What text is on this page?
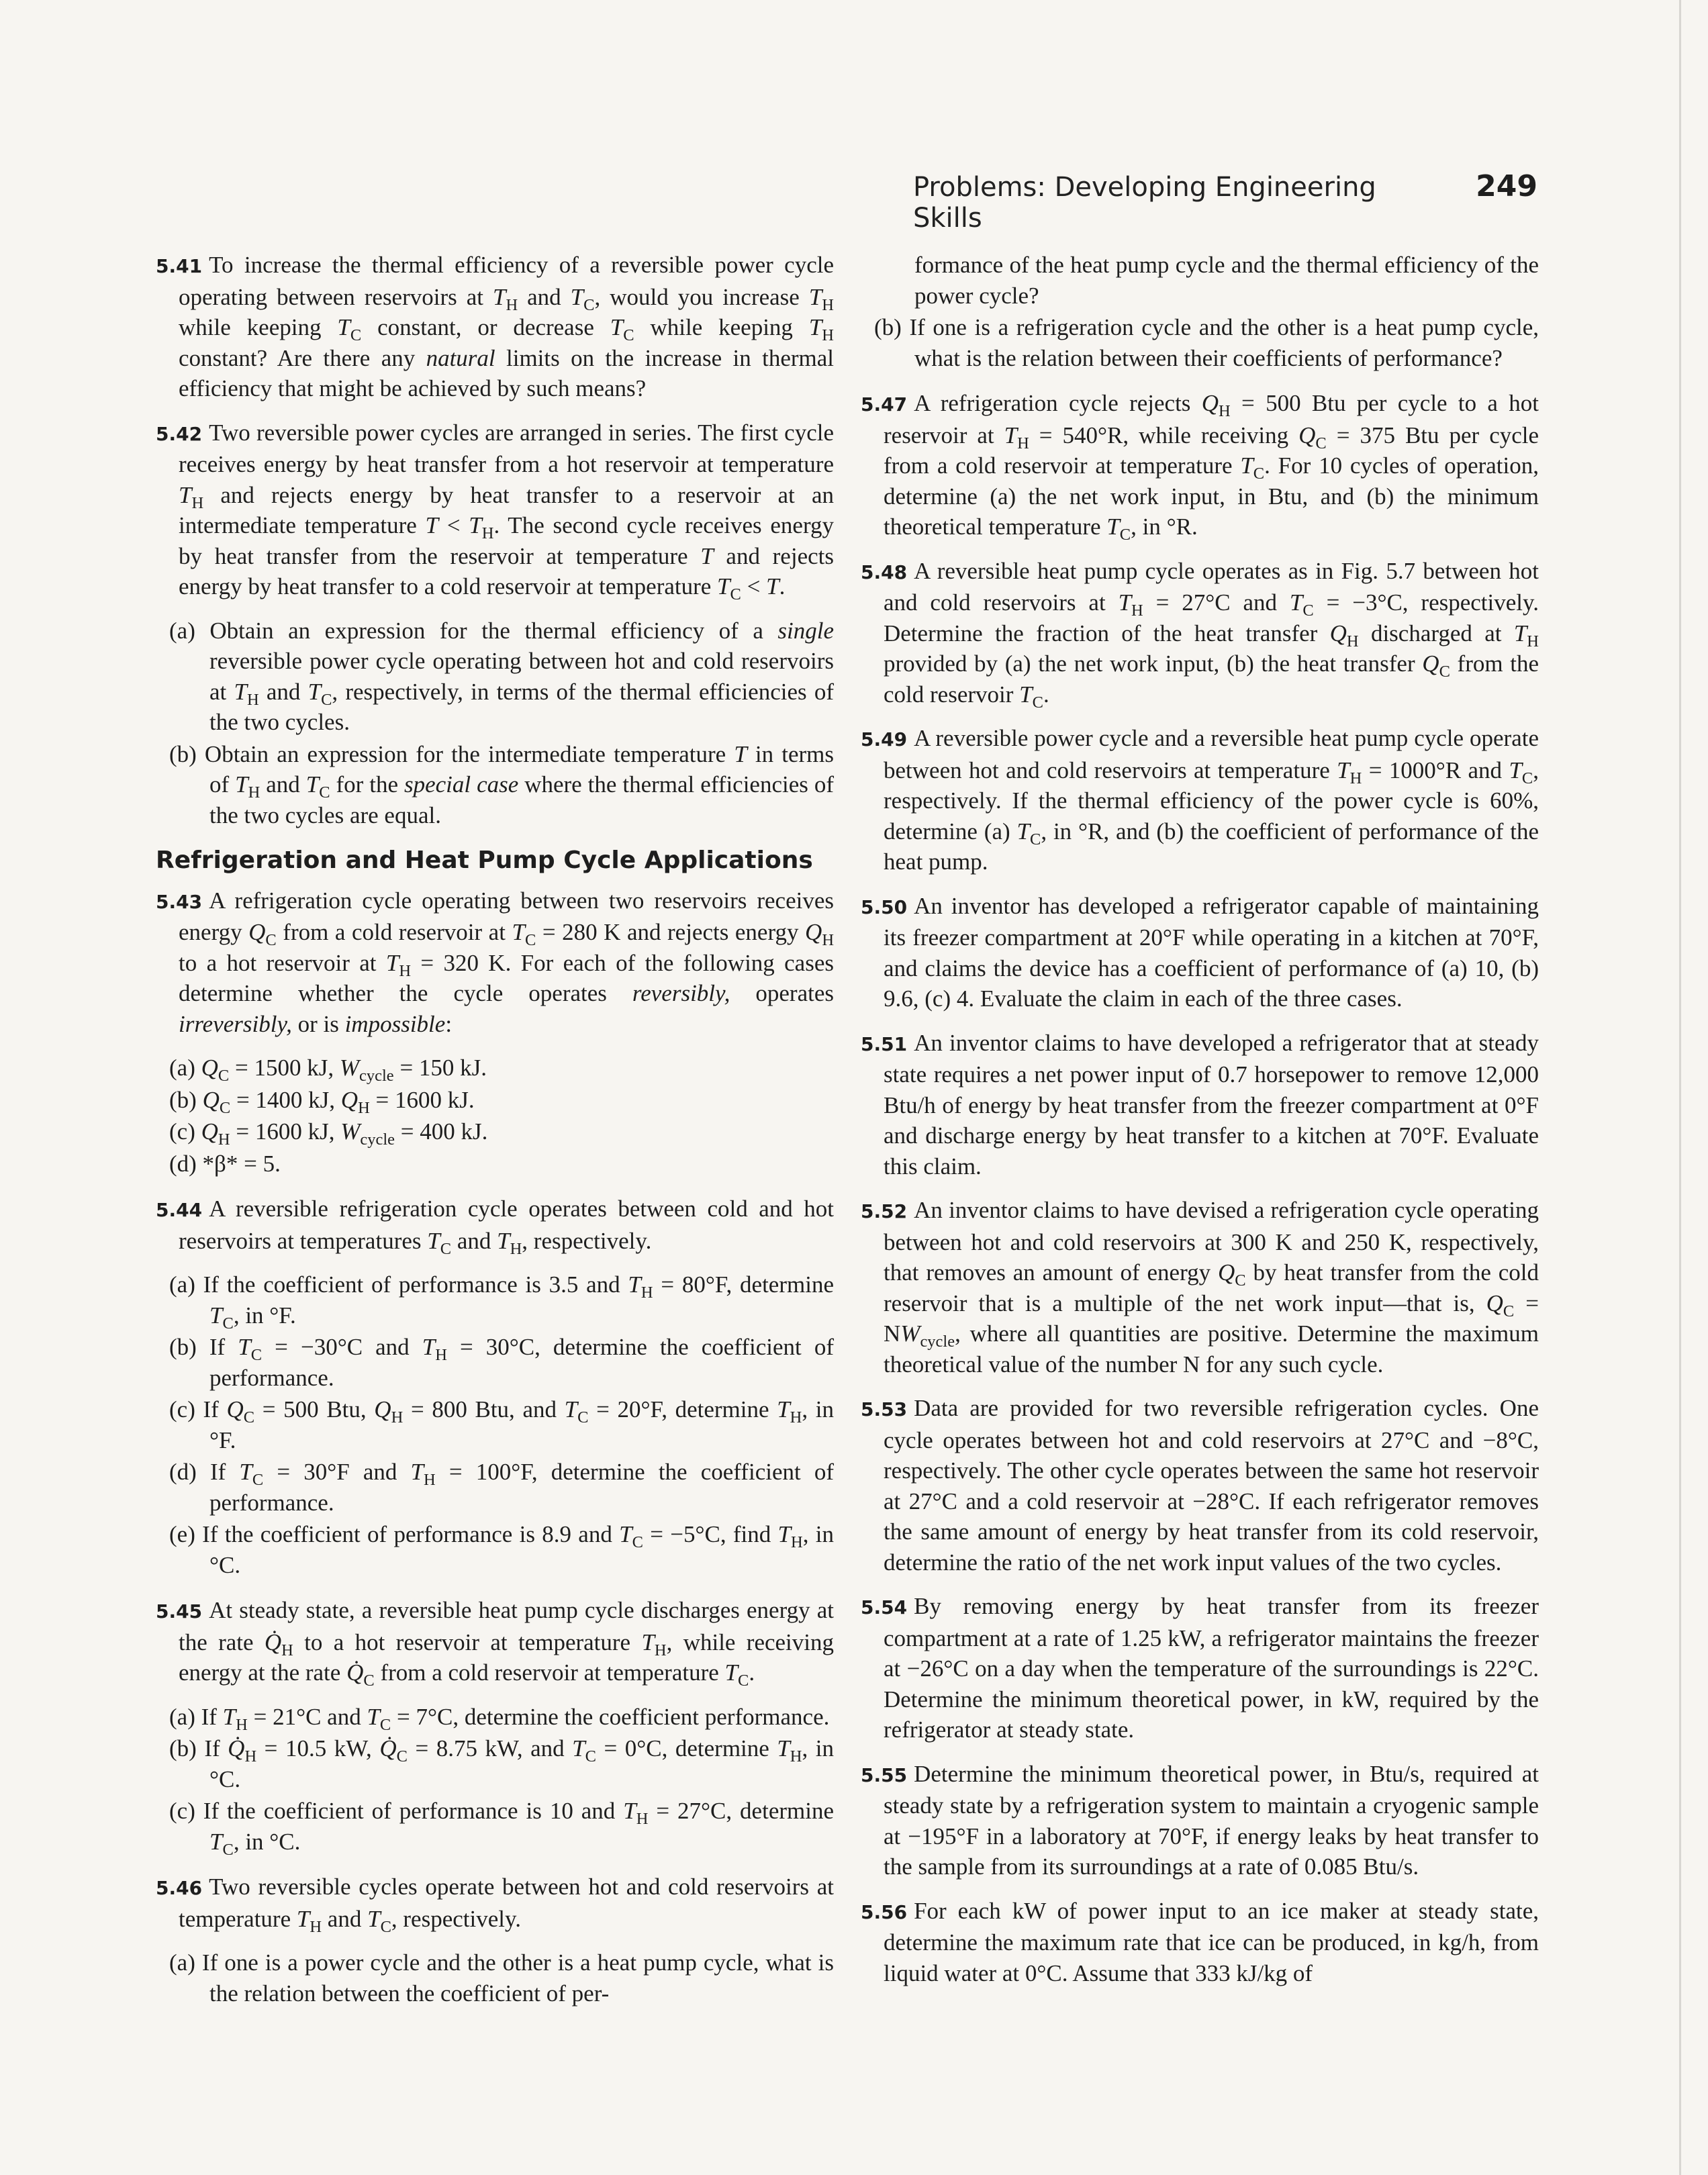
Problems: Developing Engineering Skills
249

5.41 To increase the thermal efficiency of a reversible power cycle operating between reservoirs at $T_H$ and $T_C$, would you increase $T_H$ while keeping $T_C$ constant, or decrease $T_C$ while keeping $T_H$ constant? Are there any natural limits on the increase in thermal efficiency that might be achieved by such means?

5.42 Two reversible power cycles are arranged in series. The first cycle receives energy by heat transfer from a hot reservoir at temperature $T_H$ and rejects energy by heat transfer to a reservoir at an intermediate temperature $T < T_H$. The second cycle receives energy by heat transfer from the reservoir at temperature T and rejects energy by heat transfer to a cold reservoir at temperature $T_C < T$.

(a) Obtain an expression for the thermal efficiency of a single reversible power cycle operating between hot and cold reservoirs at $T_H$ and $T_C$, respectively, in terms of the thermal efficiencies of the two cycles.

(b) Obtain an expression for the intermediate temperature T in terms of $T_H$ and $T_C$ for the special case where the thermal efficiencies of the two cycles are equal.

Refrigeration and Heat Pump Cycle Applications

5.43 A refrigeration cycle operating between two reservoirs receives energy $Q_C$ from a cold reservoir at $T_C = 280$ K and rejects energy $Q_H$ to a hot reservoir at $T_H = 320$ K. For each of the following cases determine whether the cycle operates reversibly, operates irreversibly, or is impossible:

(a) $Q_C = 1500$ kJ, $W_{cycle} = 150$ kJ.

(b) $Q_C = 1400$ kJ, $Q_H = 1600$ kJ.

(c) $Q_H = 1600$ kJ, $W_{cycle} = 400$ kJ.

(d) *β* = 5.

5.44 A reversible refrigeration cycle operates between cold and hot reservoirs at temperatures $T_C$ and $T_H$, respectively.

(a) If the coefficient of performance is 3.5 and $T_H = 80^\circ F$, determine $T_C$, in °F.

(b) If $T_C = -30^\circ C$ and $T_H = 30^\circ C$, determine the coefficient of performance.

(c) If $Q_C = 500$ Btu, $Q_H = 800$ Btu, and $T_C = 20^\circ F$, determine $T_H$, in °F.

(d) If $T_C = 30^\circ F$ and $T_H = 100^\circ F$, determine the coefficient of performance.

(e) If the coefficient of performance is 8.9 and $T_C = -5^\circ C$, find $T_H$, in °C.

5.45 At steady state, a reversible heat pump cycle discharges energy at the rate $Q̇_H$ to a hot reservoir at temperature $T_H$, while receiving energy at the rate $Q̇_C$ from a cold reservoir at temperature $T_C$.

(a) If $T_H = 21^\circ C$ and $T_C = 7^\circ C$, determine the coefficient performance.

(b) If $Q̇_H = 10.5$ kW, $Q̇_C = 8.75$ kW, and $T_C = 0^\circ C$, determine $T_H$, in °C.

(c) If the coefficient of performance is 10 and $T_H = 27^\circ C$, determine $T_C$, in °C.

5.46 Two reversible cycles operate between hot and cold reservoirs at temperature $T_H$ and $T_C$, respectively.

(a) If one is a power cycle and the other is a heat pump cycle, what is the relation between the coefficient of per-

formance of the heat pump cycle and the thermal efficiency of the power cycle?

(b) If one is a refrigeration cycle and the other is a heat pump cycle, what is the relation between their coefficients of performance?

5.47 A refrigeration cycle rejects $Q_H = 500$ Btu per cycle to a hot reservoir at $T_H = 540^\circ R$, while receiving $Q_C = 375$ Btu per cycle from a cold reservoir at temperature $T_C$. For 10 cycles of operation, determine (a) the net work input, in Btu, and (b) the minimum theoretical temperature $T_C$, in °R.

5.48 A reversible heat pump cycle operates as in Fig. 5.7 between hot and cold reservoirs at $T_H = 27^\circ C$ and $T_C = -3^\circ C$, respectively. Determine the fraction of the heat transfer $Q_H$ discharged at $T_H$ provided by (a) the net work input, (b) the heat transfer $Q_C$ from the cold reservoir $T_C$.

5.49 A reversible power cycle and a reversible heat pump cycle operate between hot and cold reservoirs at temperature $T_H = 1000^\circ R$ and $T_C$, respectively. If the thermal efficiency of the power cycle is 60%, determine (a) $T_C$, in °R, and (b) the coefficient of performance of the heat pump.

5.50 An inventor has developed a refrigerator capable of maintaining its freezer compartment at 20°F while operating in a kitchen at 70°F, and claims the device has a coefficient of performance of (a) 10, (b) 9.6, (c) 4. Evaluate the claim in each of the three cases.

5.51 An inventor claims to have developed a refrigerator that at steady state requires a net power input of 0.7 horsepower to remove 12,000 Btu/h of energy by heat transfer from the freezer compartment at 0°F and discharge energy by heat transfer to a kitchen at 70°F. Evaluate this claim.

5.52 An inventor claims to have devised a refrigeration cycle operating between hot and cold reservoirs at 300 K and 250 K, respectively, that removes an amount of energy $Q_C$ by heat transfer from the cold reservoir that is a multiple of the net work input—that is, $Q_C = NW_{cycle}$, where all quantities are positive. Determine the maximum theoretical value of the number N for any such cycle.

5.53 Data are provided for two reversible refrigeration cycles. One cycle operates between hot and cold reservoirs at 27°C and −8°C, respectively. The other cycle operates between the same hot reservoir at 27°C and a cold reservoir at −28°C. If each refrigerator removes the same amount of energy by heat transfer from its cold reservoir, determine the ratio of the net work input values of the two cycles.

5.54 By removing energy by heat transfer from its freezer compartment at a rate of 1.25 kW, a refrigerator maintains the freezer at −26°C on a day when the temperature of the surroundings is 22°C. Determine the minimum theoretical power, in kW, required by the refrigerator at steady state.

5.55 Determine the minimum theoretical power, in Btu/s, required at steady state by a refrigeration system to maintain a cryogenic sample at −195°F in a laboratory at 70°F, if energy leaks by heat transfer to the sample from its surroundings at a rate of 0.085 Btu/s.

5.56 For each kW of power input to an ice maker at steady state, determine the maximum rate that ice can be produced, in kg/h, from liquid water at 0°C. Assume that 333 kJ/kg of
